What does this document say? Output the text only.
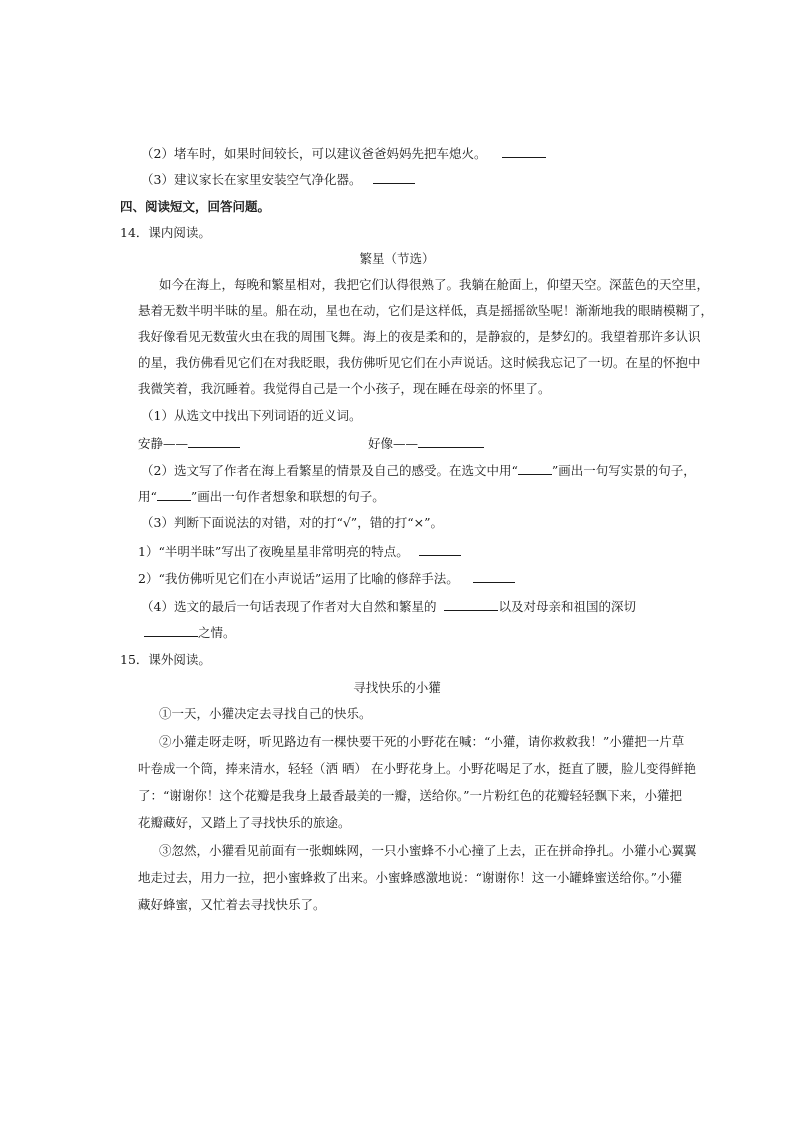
（2）堵车时，如果时间较长，可以建议爸爸妈妈先把车熄火。
（3）建议家长在家里安装空气净化器。
四、阅读短文，回答问题。
14．课内阅读。
繁星（节选）
如今在海上，每晚和繁星相对，我把它们认得很熟了。我躺在舱面上，仰望天空。深蓝色的天空里，
悬着无数半明半昧的星。船在动，星也在动，它们是这样低，真是摇摇欲坠呢！渐渐地我的眼睛模糊了，
我好像看见无数萤火虫在我的周围飞舞。海上的夜是柔和的，是静寂的，是梦幻的。我望着那许多认识
的星，我仿佛看见它们在对我眨眼，我仿佛听见它们在小声说话。这时候我忘记了一切。在星的怀抱中
我微笑着，我沉睡着。我觉得自己是一个小孩子，现在睡在母亲的怀里了。
（1）从选文中找出下列词语的近义词。
安静——	好像——
（2）选文写了作者在海上看繁星的情景及自己的感受。在选文中用“	”画出一句写实景的句子，
用“	”画出一句作者想象和联想的句子。
（3）判断下面说法的对错，对的打“√”，错的打“×”。
1）“半明半昧”写出了夜晚星星非常明亮的特点。
2）“我仿佛听见它们在小声说话”运用了比喻的修辞手法。
（4）选文的最后一句话表现了作者对大自然和繁星的	以及对母亲和祖国的深切
之情。
15．课外阅读。
寻找快乐的小獾
①一天，小獾决定去寻找自己的快乐。
②小獾走呀走呀，听见路边有一棵快要干死的小野花在喊：“小獾，请你救救我！”小獾把一片草
叶卷成一个筒，捧来清水，轻轻（洒 晒） 在小野花身上。小野花喝足了水，挺直了腰，脸儿变得鲜艳
了：“谢谢你！这个花瓣是我身上最香最美的一瓣，送给你。”一片粉红色的花瓣轻轻飘下来，小獾把
花瓣藏好，又踏上了寻找快乐的旅途。
③忽然，小獾看见前面有一张蜘蛛网，一只小蜜蜂不小心撞了上去，正在拼命挣扎。小獾小心翼翼
地走过去，用力一拉，把小蜜蜂救了出来。小蜜蜂感激地说：“谢谢你！这一小罐蜂蜜送给你。”小獾
藏好蜂蜜，又忙着去寻找快乐了。
